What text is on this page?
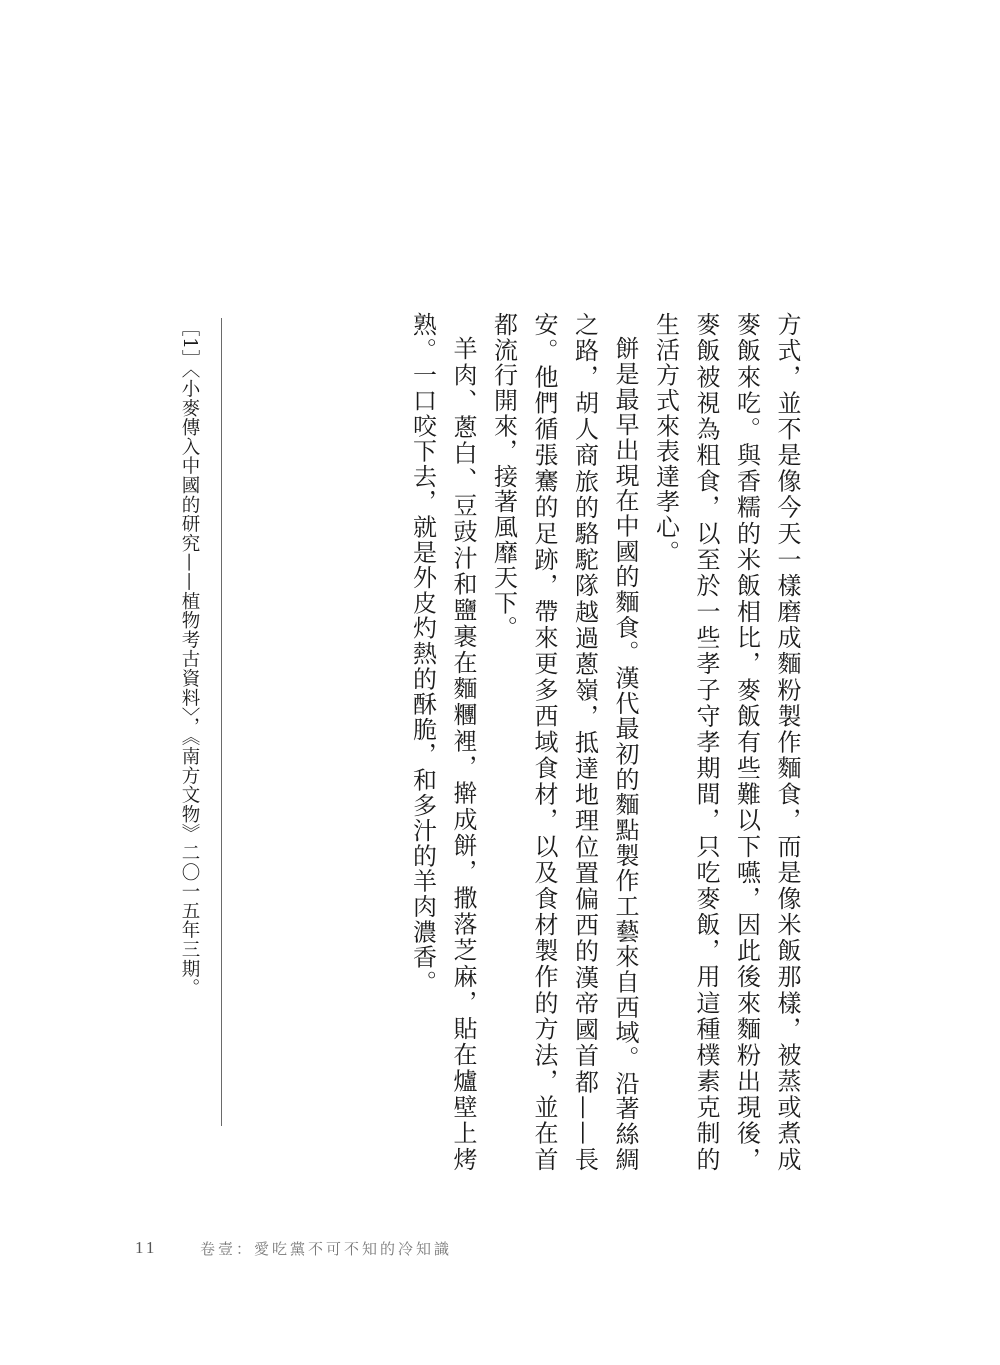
方式，並不是像今天一樣磨成麵粉製作麵食，而是像米飯那樣，被蒸或煮成麥飯來吃。與香糯的米飯相比，麥飯有些難以下嚥，因此後來麵粉出現後，麥飯被視為粗食，以至於一些孝子守孝期間，只吃麥飯，用這種樸素克制的生活方式來表達孝心。

餅是最早出現在中國的麵食。漢代最初的麵點製作工藝來自西域。沿著絲綢之路，胡人商旅的駱駝隊越過蔥嶺，抵達地理位置偏西的漢帝國首都——長安。他們循張騫的足跡，帶來更多西域食材，以及食材製作的方法，並在首都流行開來，接著風靡天下。

羊肉、蔥白、豆豉汁和鹽裹在麵糰裡，擀成餅，撒落芝麻，貼在爐壁上烤熟。一口咬下去，就是外皮灼熱的酥脆，和多汁的羊肉濃香。

［1］〈小麥傳入中國的研究——植物考古資料〉，《南方文物》二〇一五年三期。
11	卷壹：愛吃黨不可不知的冷知識
